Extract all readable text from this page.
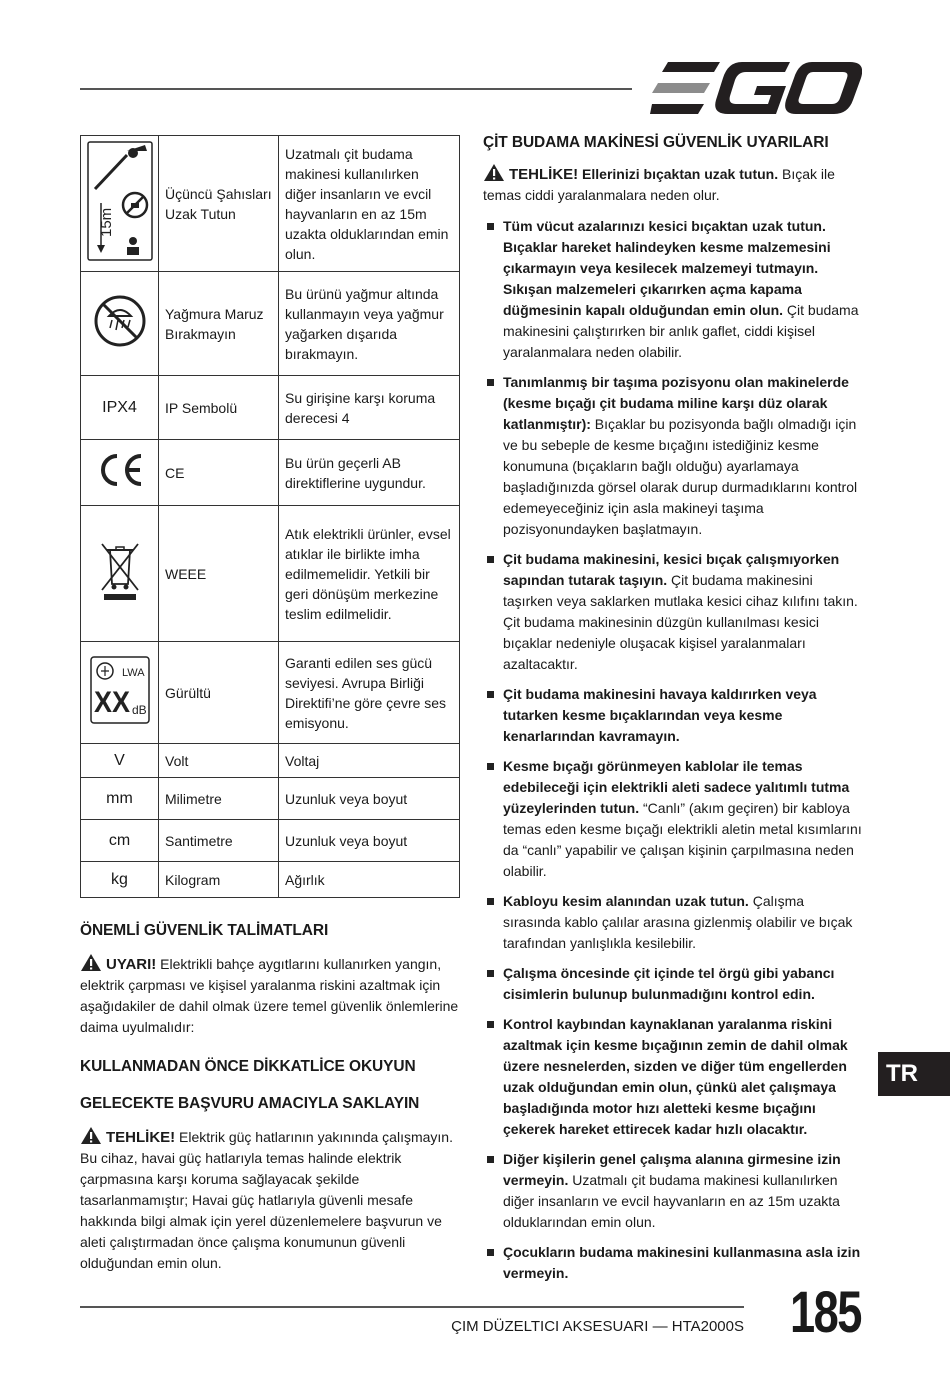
15m	Üçüncü Şahısları Uzak Tutun	Uzatmalı çit budama makinesi kullanılırken diğer insanların ve evcil hayvanların en az 15m uzakta olduklarından emin olun.
	Yağmura Maruz Bırakmayın	Bu ürünü yağmur altında kullanmayın veya yağmur yağarken dışarıda bırakmayın.
IPX4	IP Sembolü	Su girişine karşı koruma derecesi 4
	CE	Bu ürün geçerli AB direktiflerine uygundur.
	WEEE	Atık elektrikli ürünler, evsel atıklar ile birlikte imha edilmemelidir. Yetkili bir geri dönüşüm merkezine teslim edilmelidir.

LWA
XX dB	Gürültü	Garanti edilen ses gücü seviyesi. Avrupa Birliği Direktifi’ne göre çevre ses emisyonu.
V	Volt	Voltaj
mm	Milimetre	Uzunluk veya boyut
cm	Santimetre	Uzunluk veya boyut
kg	Kilogram	Ağırlık
ÖNEMLİ GÜVENLİK TALİMATLARI

UYARI! Elektrikli bahçe aygıtlarını kullanırken yangın, elektrik çarpması ve kişisel yaralanma riskini azaltmak için aşağıdakiler de dahil olmak üzere temel güvenlik önlemlerine daima uyulmalıdır:

KULLANMADAN ÖNCE DİKKATLİCE OKUYUN
GELECEKTE BAŞVURU AMACIYLA SAKLAYIN

TEHLİKE! Elektrik güç hatlarının yakınında çalışmayın. Bu cihaz, havai güç hatlarıyla temas halinde elektrik çarpmasına karşı koruma sağlayacak şekilde tasarlanmamıştır; Havai güç hatlarıyla güvenli mesafe hakkında bilgi almak için yerel düzenlemelere başvurun ve aleti çalıştırmadan önce çalışma konumunun güvenli olduğundan emin olun.

ÇİT BUDAMA MAKİNESİ GÜVENLİK UYARILARI

TEHLİKE! Ellerinizi bıçaktan uzak tutun. Bıçak ile temas ciddi yaralanmalara neden olur.

Tüm vücut azalarınızı kesici bıçaktan uzak tutun. Bıçaklar hareket halindeyken kesme malzemesini çıkarmayın veya kesilecek malzemeyi tutmayın. Sıkışan malzemeleri çıkarırken açma kapama düğmesinin kapalı olduğundan emin olun. Çit budama makinesini çalıştırırken bir anlık gaflet, ciddi kişisel yaralanmalara neden olabilir.
Tanımlanmış bir taşıma pozisyonu olan makinelerde (kesme bıçağı çit budama miline karşı düz olarak katlanmıştır): Bıçaklar bu pozisyonda bağlı olmadığı için ve bu sebeple de kesme bıçağını istediğiniz kesme konumuna (bıçakların bağlı olduğu) ayarlamaya başladığınızda görsel olarak durup durmadıklarını kontrol edemeyeceğiniz için asla makineyi taşıma pozisyonundayken başlatmayın.
Çit budama makinesini, kesici bıçak çalışmıyorken sapından tutarak taşıyın. Çit budama makinesini taşırken veya saklarken mutlaka kesici cihaz kılıfını takın. Çit budama makinesinin düzgün kullanılması kesici bıçaklar nedeniyle oluşacak kişisel yaralanmaları azaltacaktır.
Çit budama makinesini havaya kaldırırken veya tutarken kesme bıçaklarından veya kesme kenarlarından kavramayın.
Kesme bıçağı görünmeyen kablolar ile temas edebileceği için elektrikli aleti sadece yalıtımlı tutma yüzeylerinden tutun. “Canlı” (akım geçiren) bir kabloya temas eden kesme bıçağı elektrikli aletin metal kısımlarını da “canlı” yapabilir ve çalışan kişinin çarpılmasına neden olabilir.
Kabloyu kesim alanından uzak tutun. Çalışma sırasında kablo çalılar arasına gizlenmiş olabilir ve bıçak tarafından yanlışlıkla kesilebilir.
Çalışma öncesinde çit içinde tel örgü gibi yabancı cisimlerin bulunup bulunmadığını kontrol edin.
Kontrol kaybından kaynaklanan yaralanma riskini azaltmak için kesme bıçağının zemin de dahil olmak üzere nesnelerden, sizden ve diğer tüm engellerden uzak olduğundan emin olun, çünkü alet çalışmaya başladığında motor hızı aletteki kesme bıçağını çekerek hareket ettirecek kadar hızlı olacaktır.
Diğer kişilerin genel çalışma alanına girmesine izin vermeyin. Uzatmalı çit budama makinesi kullanılırken diğer insanların ve evcil hayvanların en az 15m uzakta olduklarından emin olun.
Çocukların budama makinesini kullanmasına asla izin vermeyin.
TR
ÇIM DÜZELTICI AKSESUARI — HTA2000S 185
